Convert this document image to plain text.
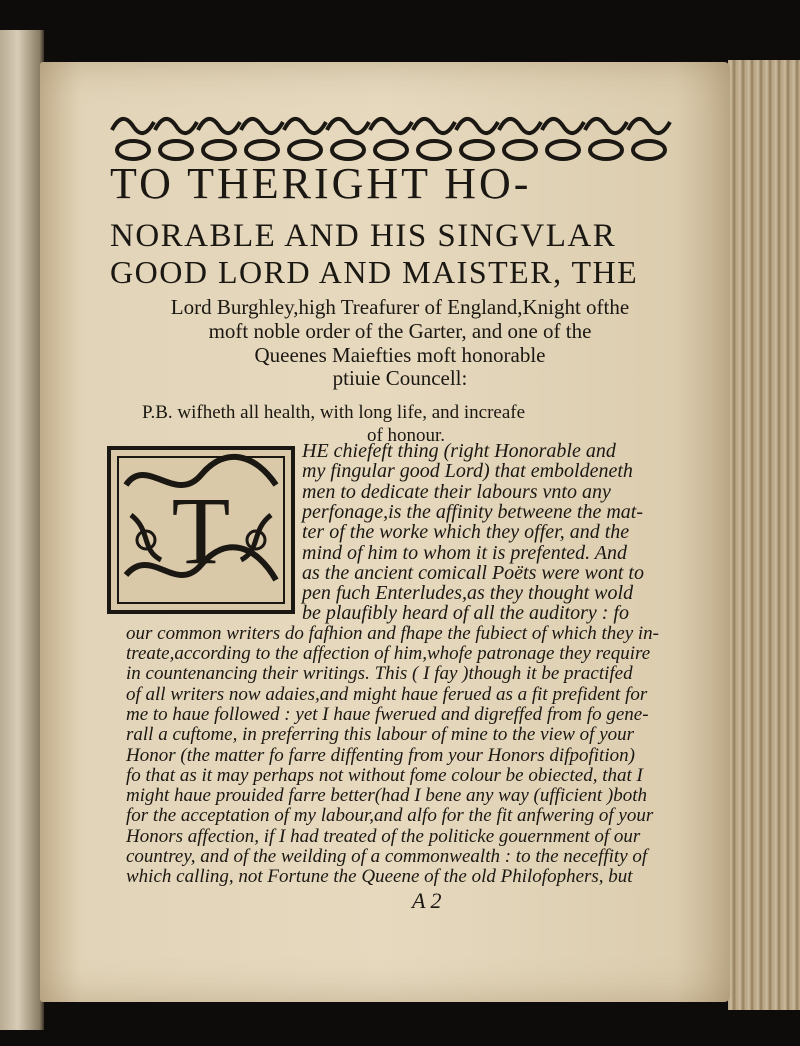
TO THERIGHT HO-
NORABLE AND HIS SINGVLAR
GOOD LORD AND MAISTER, THE
Lord Burghley,high Treafurer of England,Knight ofthe
moft noble order of the Garter, and one of the
Queenes Maiefties moft honorable
ptiuie Councell:
P.B. wifheth all health, with long life, and increafe
of honour.
T
HE chiefeft thing (right Honorable and
my fingular good Lord) that emboldeneth
men to dedicate their labours vnto any
perfonage,is the affinity betweene the mat-
ter of the worke which they offer, and the
mind of him to whom it is prefented. And
as the ancient comicall Poëts were wont to
pen fuch Enterludes,as they thought wold
be plaufibly heard of all the auditory : fo
our common writers do fafhion and fhape the fubiect of which they in-
treate,according to the affection of him,whofe patronage they require
in countenancing their writings. This ( I fay )though it be practifed
of all writers now adaies,and might haue ferued as a fit prefident for
me to haue followed : yet I haue fwerued and digreffed from fo gene-
rall a cuftome, in preferring this labour of mine to the view of your
Honor (the matter fo farre diffenting from your Honors difpofition)
fo that as it may perhaps not without fome colour be obiected, that I
might haue prouided farre better(had I bene any way (ufficient )both
for the acceptation of my labour,and alfo for the fit anfwering of your
Honors affection, if I had treated of the politicke gouernment of our
countrey, and of the weilding of a commonwealth : to the neceffity of
which calling, not Fortune the Queene of the old Philofophers, but
A 2
